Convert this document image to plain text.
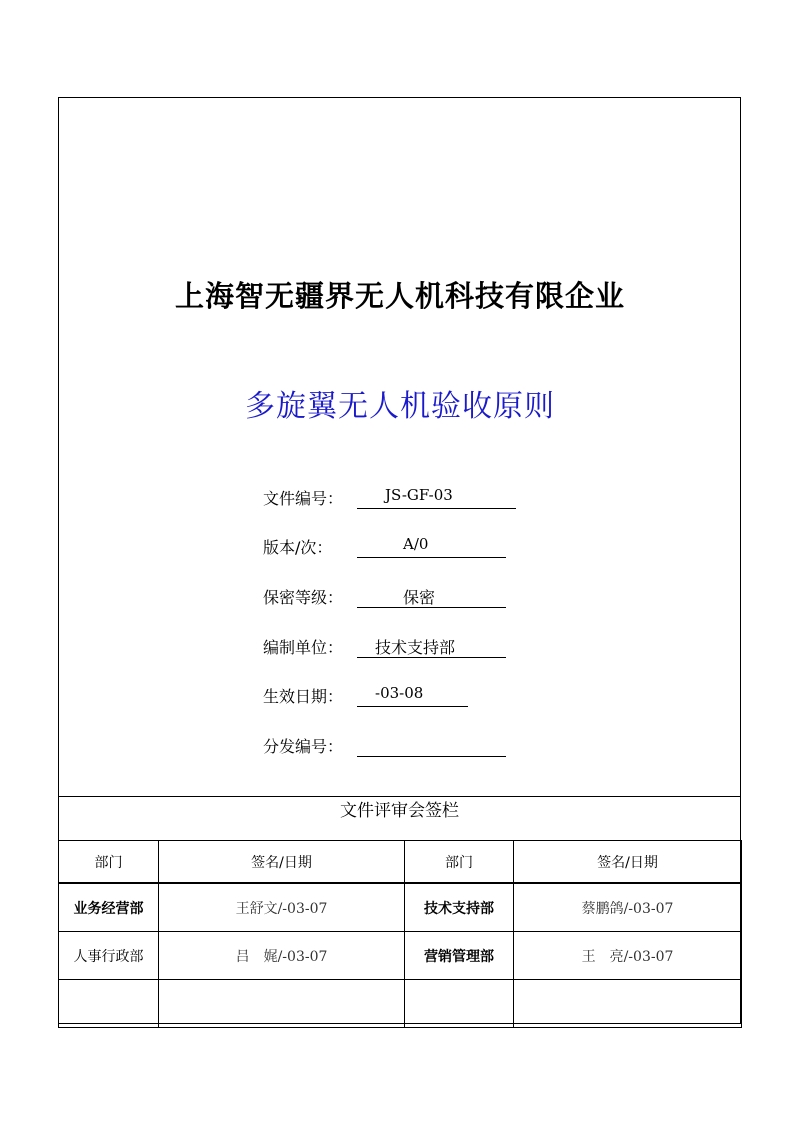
上海智无疆界无人机科技有限企业
多旋翼无人机验收原则
文件编号：	JS-GF-03
版本/次：	A/0
保密等级：	保密
编制单位： 技术支持部
生效日期： -03-08
分发编号：
文件评审会签栏
部门	签名/日期	部门	签名/日期
业务经营部	王舒文/-03-07	技术支持部	蔡鹏鸽/-03-07
人事行政部	吕　娓/-03-07	营销管理部	王　亮/-03-07
